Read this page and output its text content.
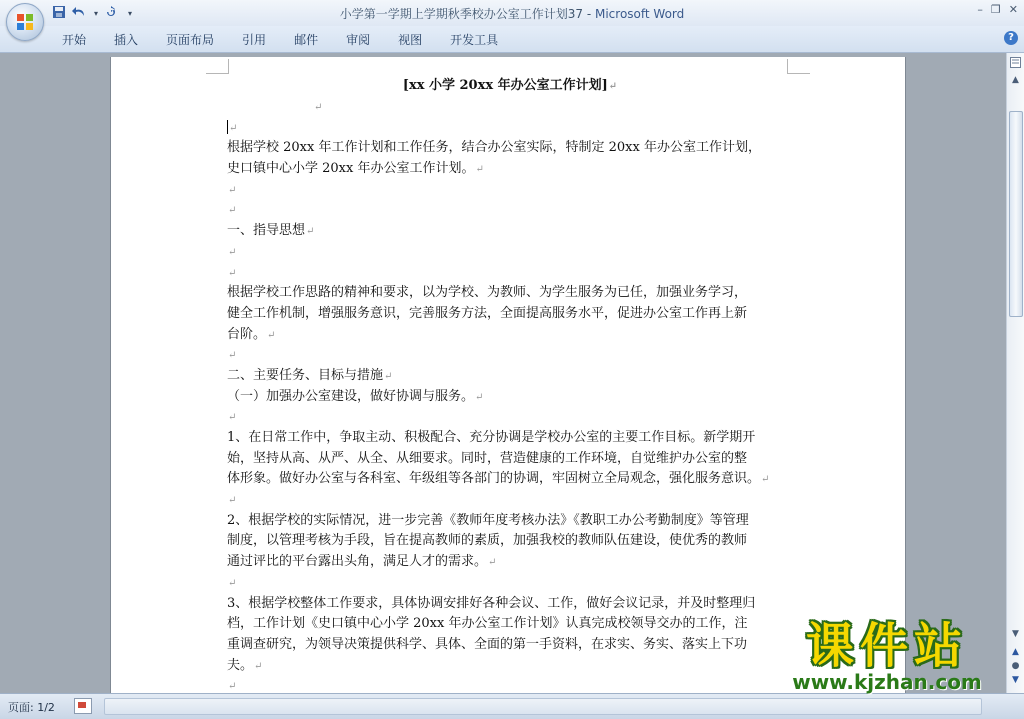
▾	▾	小学第一学期上学期秋季校办公室工作计划37 - Microsoft Word	– ❐ ✕
开始	插入	页面布局	引用	邮件	审阅	视图	开发工具	?
[xx 小学 20xx 年办公室工作计划]↵
↵
↵
根据学校 20xx 年工作计划和工作任务，结合办公室实际，特制定 20xx 年办公室工作计划，
史口镇中心小学 20xx 年办公室工作计划。↵
↵
↵
一、指导思想↵
↵
↵
根据学校工作思路的精神和要求，以为学校、为教师、为学生服务为已任，加强业务学习，
健全工作机制，增强服务意识，完善服务方法，全面提高服务水平，促进办公室工作再上新
台阶。↵
↵
二、主要任务、目标与措施↵
（一）加强办公室建设，做好协调与服务。↵
↵
1、在日常工作中，争取主动、积极配合、充分协调是学校办公室的主要工作目标。新学期开
始，坚持从高、从严、从全、从细要求。同时，营造健康的工作环境，自觉维护办公室的整
体形象。做好办公室与各科室、年级组等各部门的协调，牢固树立全局观念，强化服务意识。↵
↵
2、根据学校的实际情况，进一步完善《教师年度考核办法》《教职工办公考勤制度》等管理
制度，以管理考核为手段，旨在提高教师的素质，加强我校的教师队伍建设，使优秀的教师
通过评比的平台露出头角，满足人才的需求。↵
↵
3、根据学校整体工作要求，具体协调安排好各种会议、工作，做好会议记录，并及时整理归
档，工作计划《史口镇中心小学 20xx 年办公室工作计划》认真完成校领导交办的工作，注
重调查研究，为领导决策提供科学、具体、全面的第一手资料，在求实、务实、落实上下功
夫。↵
↵
▲
▼
▲
●
▼
课件站
www.kjzhan.com
页面: 1/2
